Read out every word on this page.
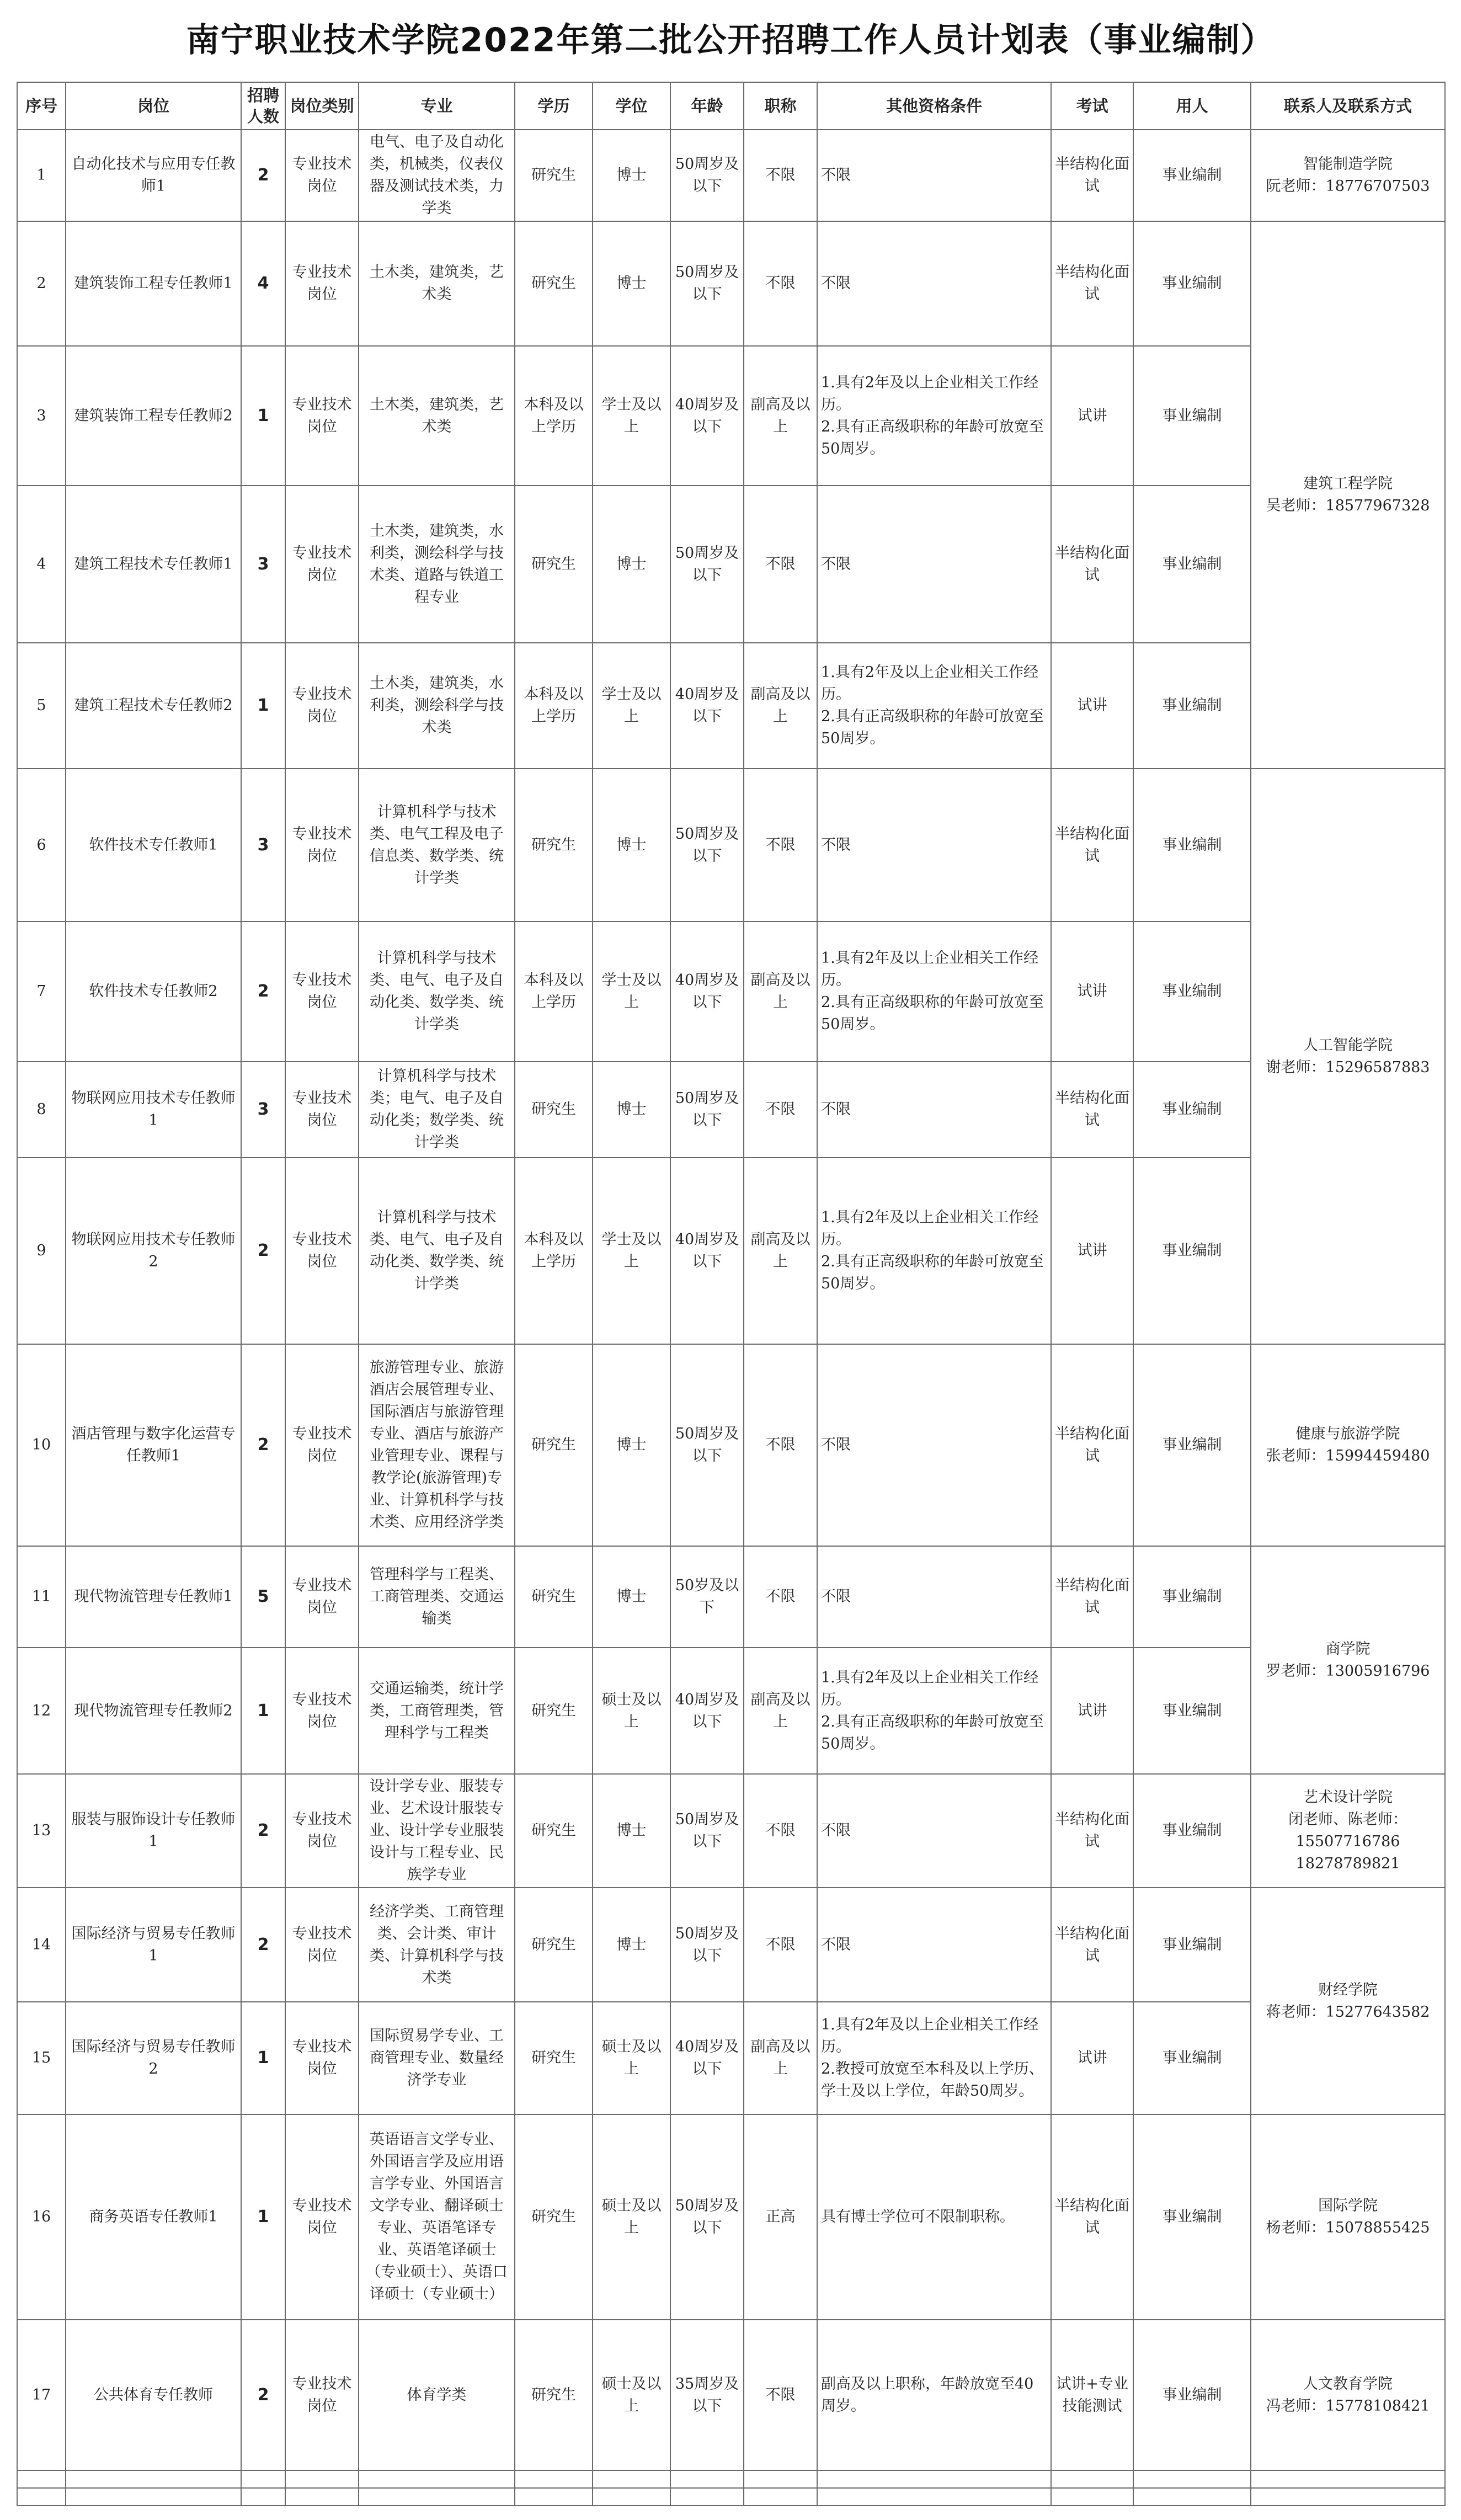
南宁职业技术学院2022年第二批公开招聘工作人员计划表（事业编制）
序号	岗位	招聘人数	岗位类别	专业	学历	学位	年龄	职称	其他资格条件	考试	用人	联系人及联系方式
1	自动化技术与应用专任教师1	2	专业技术岗位	电气、电子及自动化类，机械类，仪表仪器及测试技术类，力学类	研究生	博士	50周岁及以下	不限	不限	半结构化面试	事业编制	智能制造学院
阮老师：18776707503

2	建筑装饰工程专任教师1	4	专业技术岗位	土木类，建筑类，艺术类	研究生	博士	50周岁及以下	不限	不限	半结构化面试	事业编制	建筑工程学院
吴老师：18577967328

3	建筑装饰工程专任教师2	1	专业技术岗位	土木类，建筑类，艺术类	本科及以上学历	学士及以上	40周岁及以下	副高及以上	1.具有2年及以上企业相关工作经历。
2.具有正高级职称的年龄可放宽至50周岁。	试讲	事业编制	
4	建筑工程技术专任教师1	3	专业技术岗位	土木类，建筑类，水利类，测绘科学与技术类、道路与铁道工程专业	研究生	博士	50周岁及以下	不限	不限	半结构化面试	事业编制	
5	建筑工程技术专任教师2	1	专业技术岗位	土木类，建筑类，水利类，测绘科学与技术类	本科及以上学历	学士及以上	40周岁及以下	副高及以上	1.具有2年及以上企业相关工作经历。
2.具有正高级职称的年龄可放宽至50周岁。	试讲	事业编制	
6	软件技术专任教师1	3	专业技术岗位	计算机科学与技术类、电气工程及电子信息类、数学类、统计学类	研究生	博士	50周岁及以下	不限	不限	半结构化面试	事业编制	人工智能学院
谢老师：15296587883

7	软件技术专任教师2	2	专业技术岗位	计算机科学与技术类、电气、电子及自动化类、数学类、统计学类	本科及以上学历	学士及以上	40周岁及以下	副高及以上	1.具有2年及以上企业相关工作经历。
2.具有正高级职称的年龄可放宽至50周岁。	试讲	事业编制	
8	物联网应用技术专任教师1	3	专业技术岗位	计算机科学与技术类；电气、电子及自动化类；数学类、统计学类	研究生	博士	50周岁及以下	不限	不限	半结构化面试	事业编制	
9	物联网应用技术专任教师2	2	专业技术岗位	计算机科学与技术类、电气、电子及自动化类、数学类、统计学类	本科及以上学历	学士及以上	40周岁及以下	副高及以上	1.具有2年及以上企业相关工作经历。
2.具有正高级职称的年龄可放宽至50周岁。	试讲	事业编制	
10	酒店管理与数字化运营专任教师1	2	专业技术岗位	旅游管理专业、旅游酒店会展管理专业、国际酒店与旅游管理专业、酒店与旅游产业管理专业、课程与教学论(旅游管理)专业、计算机科学与技术类、应用经济学类	研究生	博士	50周岁及以下	不限	不限	半结构化面试	事业编制	健康与旅游学院
张老师：15994459480

11	现代物流管理专任教师1	5	专业技术岗位	管理科学与工程类、工商管理类、交通运输类	研究生	博士	50岁及以下	不限	不限	半结构化面试	事业编制	商学院
罗老师：13005916796

12	现代物流管理专任教师2	1	专业技术岗位	交通运输类，统计学类，工商管理类，管理科学与工程类	研究生	硕士及以上	40周岁及以下	副高及以上	1.具有2年及以上企业相关工作经历。
2.具有正高级职称的年龄可放宽至50周岁。	试讲	事业编制	
13	服装与服饰设计专任教师1	2	专业技术岗位	设计学专业、服装专业、艺术设计服装专业、设计学专业服装设计与工程专业、民族学专业	研究生	博士	50周岁及以下	不限	不限	半结构化面试	事业编制	艺术设计学院
闭老师、陈老师：
15507716786
18278789821

14	国际经济与贸易专任教师1	2	专业技术岗位	经济学类、工商管理类、会计类、审计类、计算机科学与技术类	研究生	博士	50周岁及以下	不限	不限	半结构化面试	事业编制	财经学院
蒋老师：15277643582

15	国际经济与贸易专任教师2	1	专业技术岗位	国际贸易学专业、工商管理专业、数量经济学专业	研究生	硕士及以上	40周岁及以下	副高及以上	1.具有2年及以上企业相关工作经历。
2.教授可放宽至本科及以上学历、学士及以上学位，年龄50周岁。	试讲	事业编制	
16	商务英语专任教师1	1	专业技术岗位	英语语言文学专业、外国语言学及应用语言学专业、外国语言文学专业、翻译硕士专业、英语笔译专业、英语笔译硕士（专业硕士）、英语口译硕士（专业硕士）	研究生	硕士及以上	50周岁及以下	正高	具有博士学位可不限制职称。	半结构化面试	事业编制	国际学院
杨老师：15078855425

17	公共体育专任教师	2	专业技术岗位	体育学类	研究生	硕士及以上	35周岁及以下	不限	副高及以上职称，年龄放宽至40周岁。	试讲+专业技能测试	事业编制	人文教育学院
冯老师：15778108421
